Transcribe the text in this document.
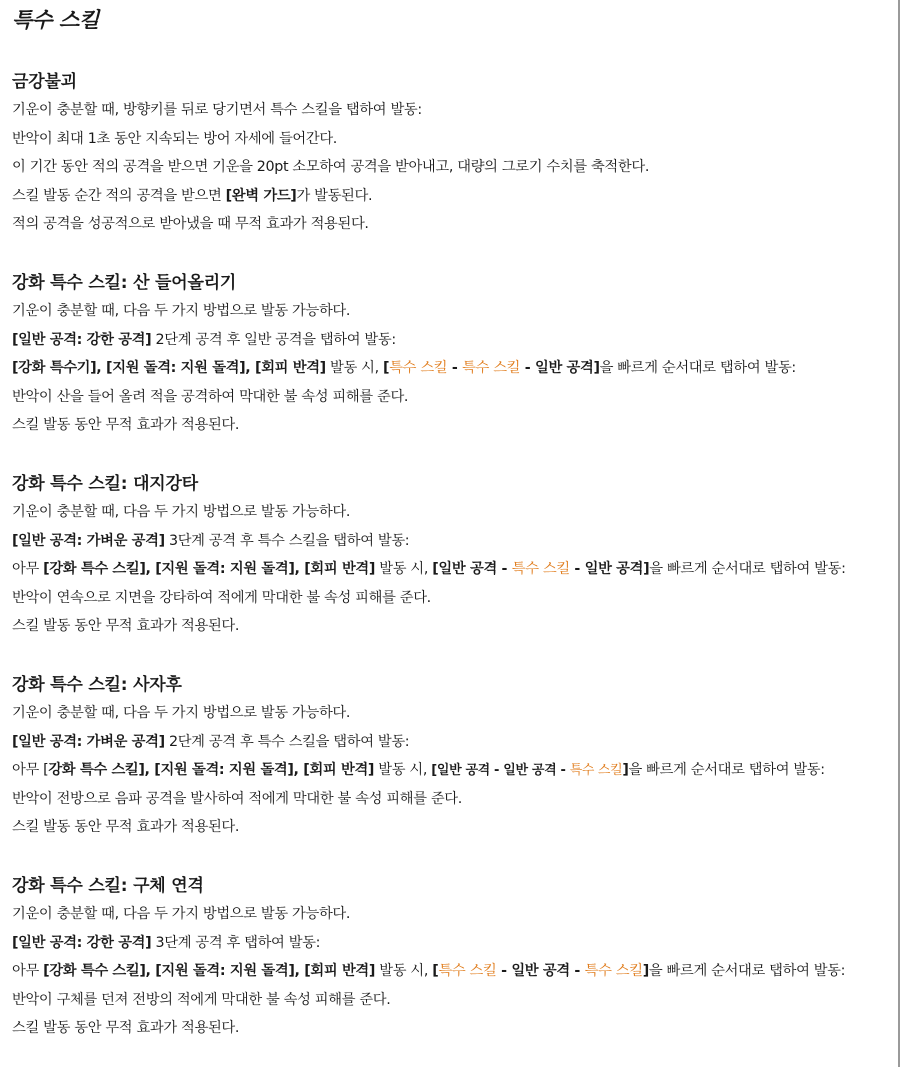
특수 스킬
금강불괴
기운이 충분할 때, 방향키를 뒤로 당기면서 특수 스킬을 탭하여 발동:
반악이 최대 1초 동안 지속되는 방어 자세에 들어간다.
이 기간 동안 적의 공격을 받으면 기운을 20pt 소모하여 공격을 받아내고, 대량의 그로기 수치를 축적한다.
스킬 발동 순간 적의 공격을 받으면 [완벽 가드]가 발동된다.
적의 공격을 성공적으로 받아냈을 때 무적 효과가 적용된다.
강화 특수 스킬: 산 들어올리기
기운이 충분할 때, 다음 두 가지 방법으로 발동 가능하다.
[일반 공격: 강한 공격] 2단계 공격 후 일반 공격을 탭하여 발동:
[강화 특수기], [지원 돌격: 지원 돌격], [회피 반격] 발동 시, [특수 스킬 - 특수 스킬 - 일반 공격]을 빠르게 순서대로 탭하여 발동:
반악이 산을 들어 올려 적을 공격하여 막대한 불 속성 피해를 준다.
스킬 발동 동안 무적 효과가 적용된다.
강화 특수 스킬: 대지강타
기운이 충분할 때, 다음 두 가지 방법으로 발동 가능하다.
[일반 공격: 가벼운 공격] 3단계 공격 후 특수 스킬을 탭하여 발동:
아무 [강화 특수 스킬], [지원 돌격: 지원 돌격], [회피 반격] 발동 시, [일반 공격 - 특수 스킬 - 일반 공격]을 빠르게 순서대로 탭하여 발동:
반악이 연속으로 지면을 강타하여 적에게 막대한 불 속성 피해를 준다.
스킬 발동 동안 무적 효과가 적용된다.
강화 특수 스킬: 사자후
기운이 충분할 때, 다음 두 가지 방법으로 발동 가능하다.
[일반 공격: 가벼운 공격] 2단계 공격 후 특수 스킬을 탭하여 발동:
아무 [강화 특수 스킬], [지원 돌격: 지원 돌격], [회피 반격] 발동 시, [일반 공격 - 일반 공격 - 특수 스킬]을 빠르게 순서대로 탭하여 발동:
반악이 전방으로 음파 공격을 발사하여 적에게 막대한 불 속성 피해를 준다.
스킬 발동 동안 무적 효과가 적용된다.
강화 특수 스킬: 구체 연격
기운이 충분할 때, 다음 두 가지 방법으로 발동 가능하다.
[일반 공격: 강한 공격] 3단계 공격 후 탭하여 발동:
아무 [강화 특수 스킬], [지원 돌격: 지원 돌격], [회피 반격] 발동 시, [특수 스킬 - 일반 공격 - 특수 스킬]을 빠르게 순서대로 탭하여 발동:
반악이 구체를 던져 전방의 적에게 막대한 불 속성 피해를 준다.
스킬 발동 동안 무적 효과가 적용된다.
